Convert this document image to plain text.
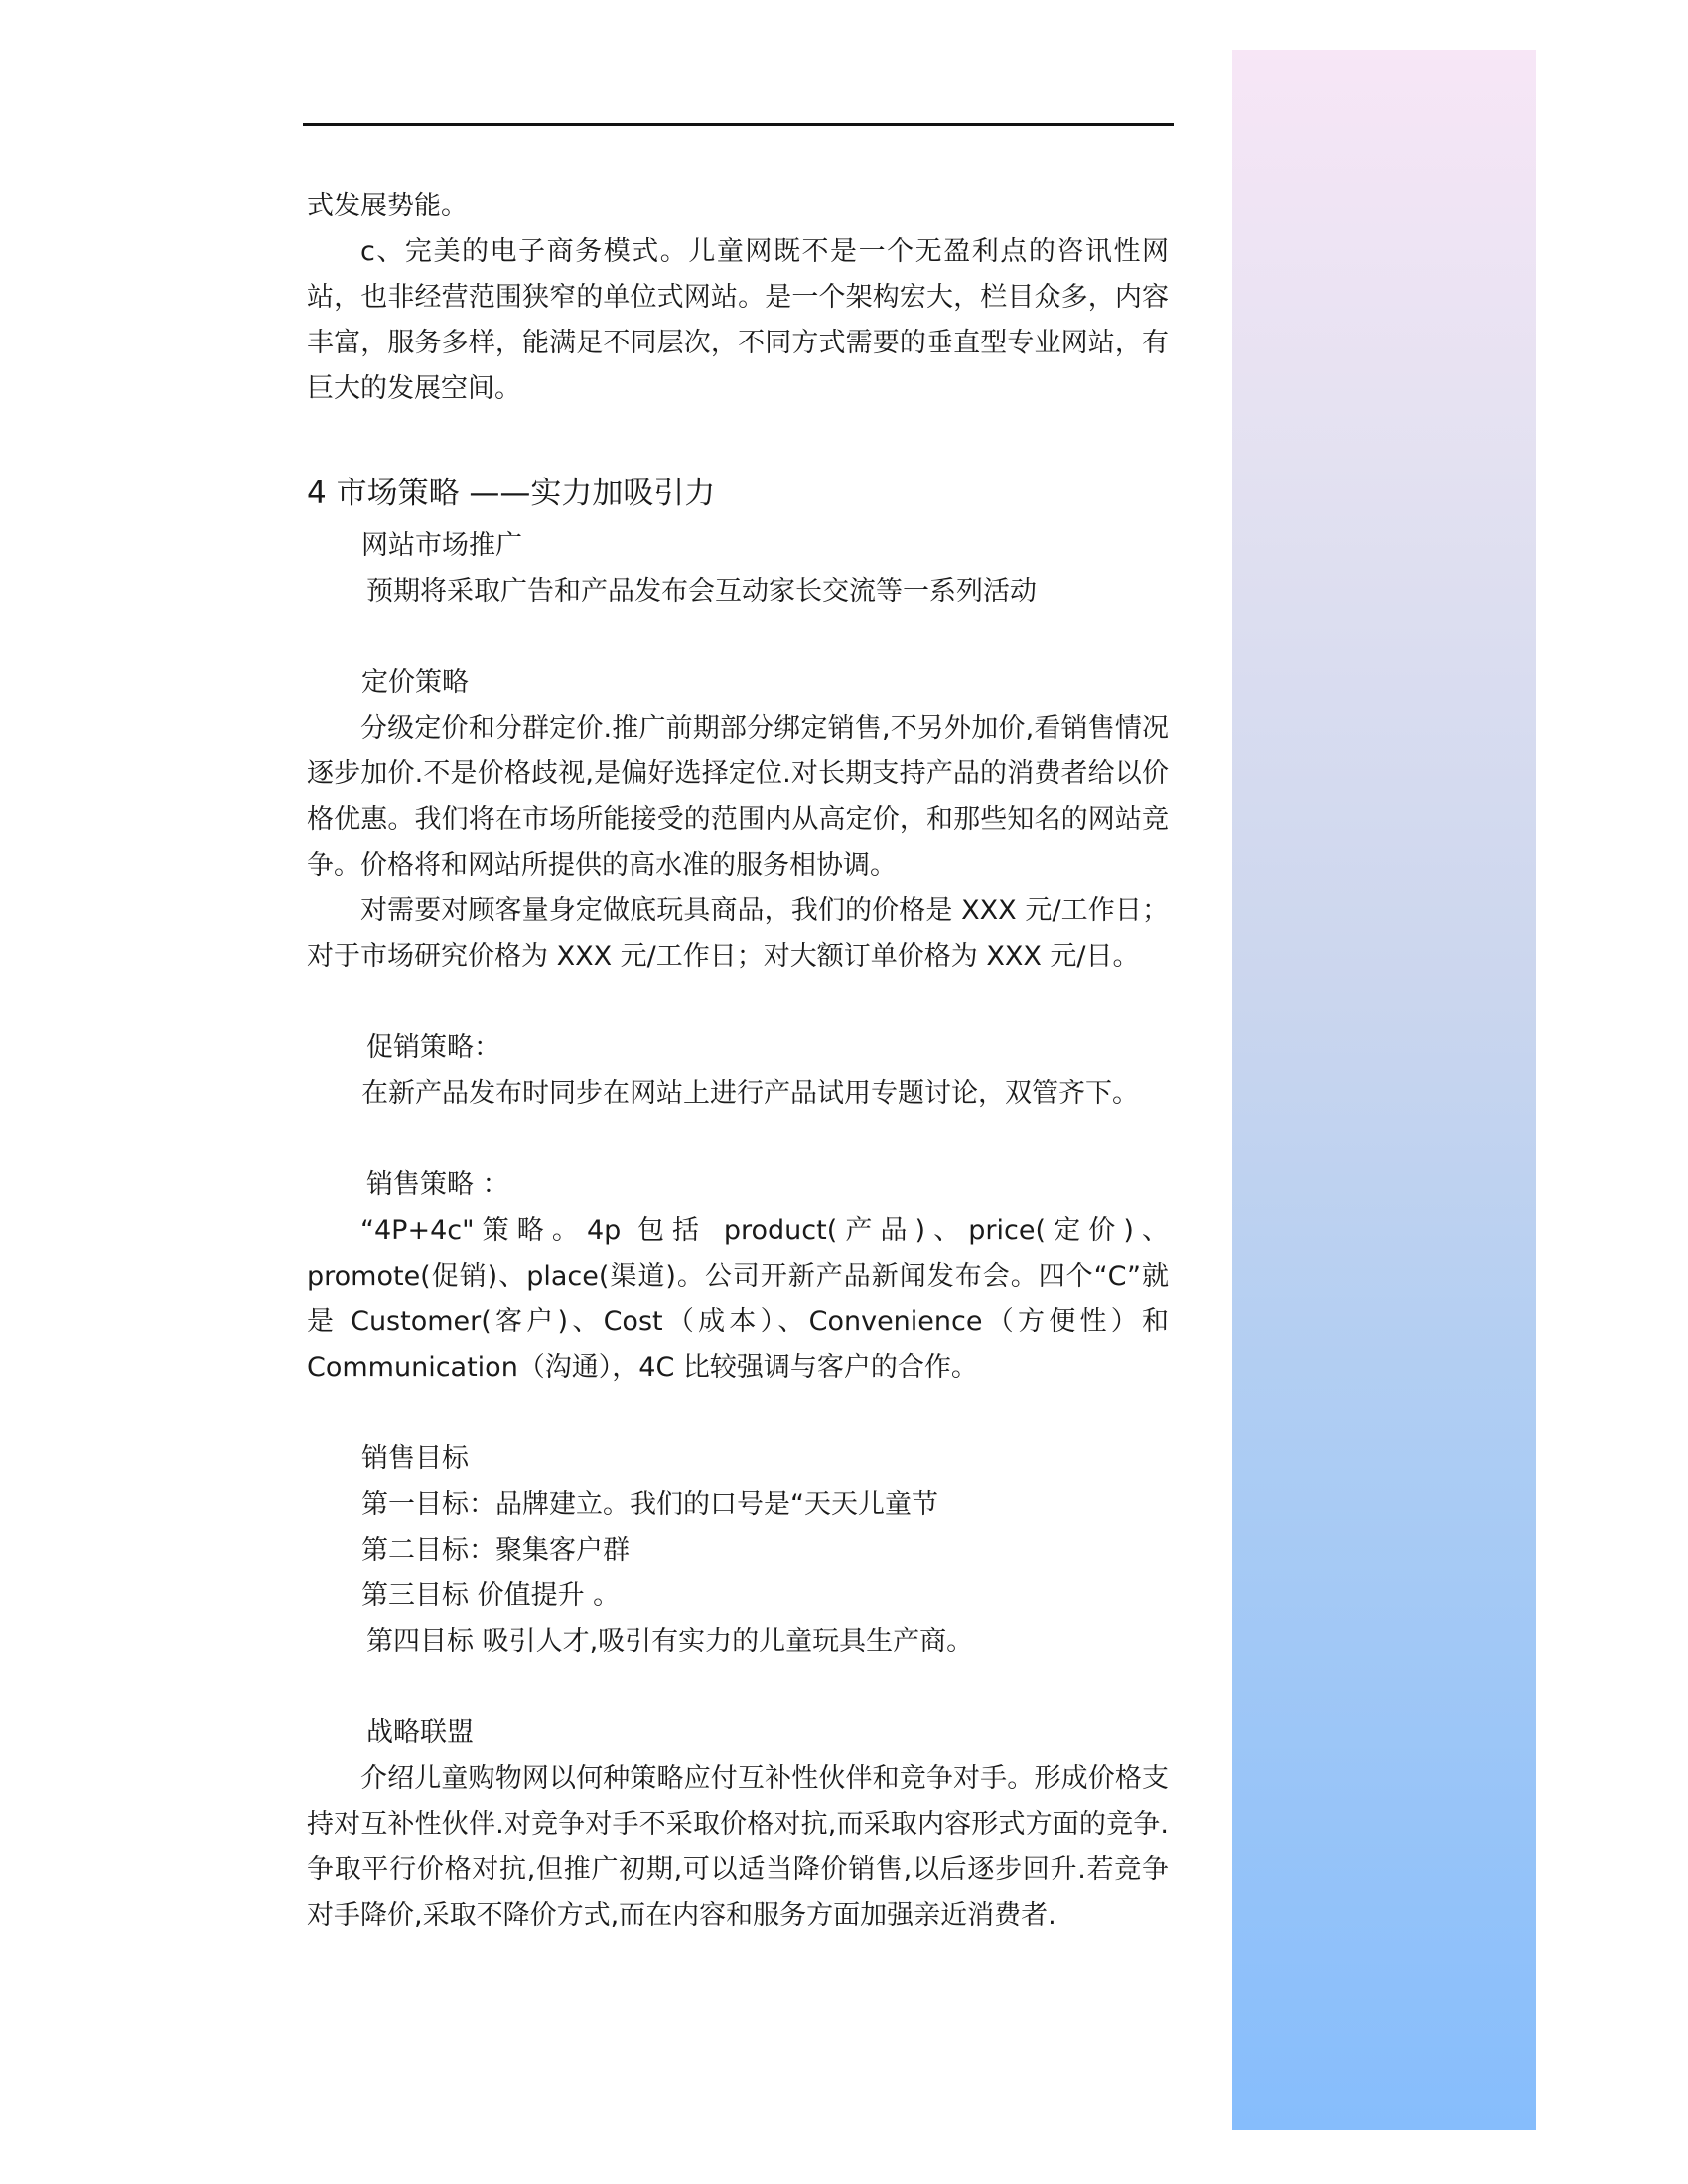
式发展势能。

c、完美的电子商务模式。儿童网既不是一个无盈利点的咨讯性网站，也非经营范围狭窄的单位式网站。是一个架构宏大，栏目众多，内容丰富，服务多样，能满足不同层次，不同方式需要的垂直型专业网站，有巨大的发展空间。

4 市场策略 ——实力加吸引力

网站市场推广

预期将采取广告和产品发布会互动家长交流等一系列活动

定价策略

分级定价和分群定价.推广前期部分绑定销售,不另外加价,看销售情况逐步加价.不是价格歧视,是偏好选择定位.对长期支持产品的消费者给以价格优惠。我们将在市场所能接受的范围内从高定价，和那些知名的网站竞争。价格将和网站所提供的高水准的服务相协调。

对需要对顾客量身定做底玩具商品，我们的价格是 XXX 元/工作日；对于市场研究价格为 XXX 元/工作日；对大额订单价格为 XXX 元/日。

促销策略：

在新产品发布时同步在网站上进行产品试用专题讨论，双管齐下。

销售策略 ：

“4P+4c"策略。4p 包括 product(产品)、price(定价)、promote(促销)、place(渠道)。公司开新产品新闻发布会。四个“C”就是 Customer(客户)、Cost（成本）、Convenience（方便性）和 Communication（沟通），4C 比较强调与客户的合作。

销售目标

第一目标：品牌建立。我们的口号是“天天儿童节

第二目标：聚集客户群

第三目标 价值提升 。

第四目标 吸引人才,吸引有实力的儿童玩具生产商。

战略联盟

介绍儿童购物网以何种策略应付互补性伙伴和竞争对手。形成价格支持对互补性伙伴.对竞争对手不采取价格对抗,而采取内容形式方面的竞争.争取平行价格对抗,但推广初期,可以适当降价销售,以后逐步回升.若竞争对手降价,采取不降价方式,而在内容和服务方面加强亲近消费者.
